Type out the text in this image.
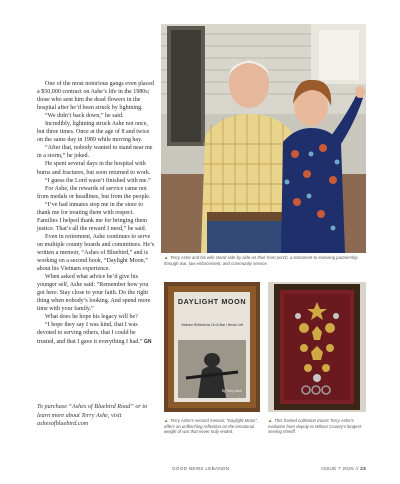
One of the most notorious gangs even placed a $50,000 contract on Ashe’s life in the 1980s; those who sent him the dead flowers in the hospital after he’d been struck by lightning.

“We didn’t back down,” he said.

Incredibly, lightning struck Ashe not once, but three times. Once at the age of 8 and twice on the same day in 1989 while moving hay.

“After that, nobody wanted to stand near me in a storm,” he joked.

He spent several days in the hospital with burns and fractures, but soon returned to work.

“I guess the Lord wasn’t finished with me.”

For Ashe, the rewards of service came not from medals or headlines, but from the people.

“I’ve had inmates stop me in the store to thank me for treating them with respect. Families I helped thank me for bringing them justice. That’s all the reward I need,” he said.

Even in retirement, Ashe continues to serve on multiple county boards and committees. He’s written a memoir, “Ashes of Bluebird,” and is working on a second book, “Daylight Moon,” about his Vietnam experience.

When asked what advice he’d give his younger self, Ashe said: “Remember how you got here. Stay close to your faith. Do the right thing when nobody’s looking. And spend more time with your family.”

What does he hope his legacy will be?

“I hope they say I was kind, that I was devoted to serving others, that I could be trusted, and that I gave it everything I had.” GN

To purchase “Ashes of Bluebird Road” or to learn more about Terry Ashe, visit ashesofbluebird.com
▲ Terry Ashe and his wife stand side by side on their front porch, a testament to enduring partnership through war, law enforcement, and community service.
DAYLIGHT MOON
Vietnam Reflections On A War I Never Left
By Terry Ashe
▲ Terry Ashe’s second memoir, “Daylight Moon”, offers an unflinching reflection on the emotional weight of war that never truly ended.
▲ This framed collection traces Terry Ashe’s evolution from deputy to Wilson County’s longest-serving sheriff.
GOOD NEWS LEBANON	ISSUE 7 2025 // 23
